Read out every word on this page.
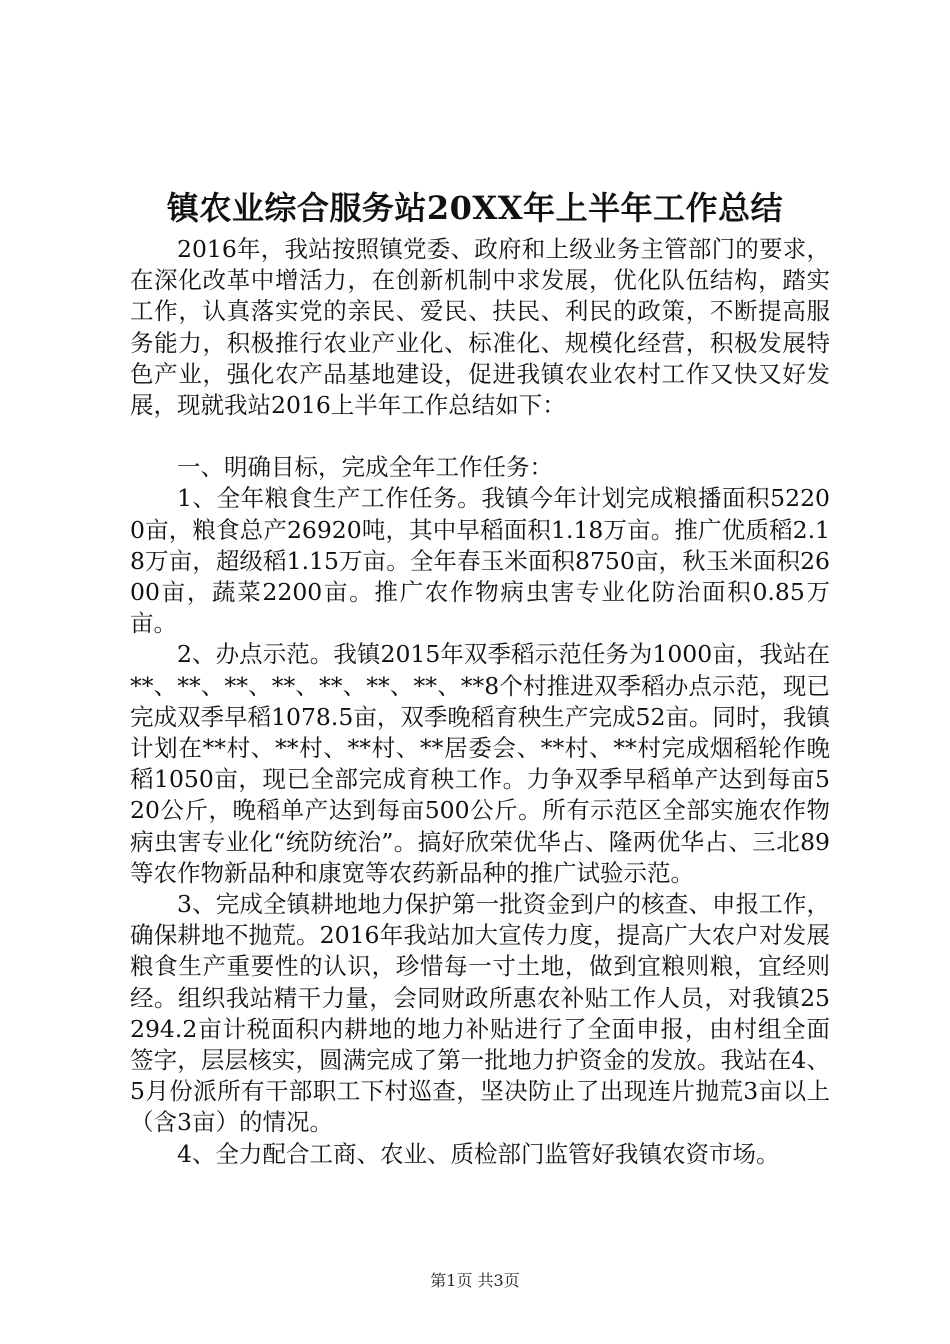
镇农业综合服务站20XX年上半年工作总结

2016年，我站按照镇党委、政府和上级业务主管部门的要求，在深化改革中增活力，在创新机制中求发展，优化队伍结构，踏实工作，认真落实党的亲民、爱民、扶民、利民的政策，不断提高服务能力，积极推行农业产业化、标准化、规模化经营，积极发展特色产业，强化农产品基地建设，促进我镇农业农村工作又快又好发展，现就我站2016上半年工作总结如下：

一、明确目标，完成全年工作任务：

1、全年粮食生产工作任务。我镇今年计划完成粮播面积52200亩，粮食总产26920吨，其中早稻面积1.18万亩。推广优质稻2.18万亩，超级稻1.15万亩。全年春玉米面积8750亩，秋玉米面积2600亩，蔬菜2200亩。推广农作物病虫害专业化防治面积0.85万亩。

2、办点示范。我镇2015年双季稻示范任务为1000亩，我站在**、**、**、**、**、**、**、**8个村推进双季稻办点示范，现已完成双季早稻1078.5亩，双季晚稻育秧生产完成52亩。同时，我镇计划在**村、**村、**村、**居委会、**村、**村完成烟稻轮作晚稻1050亩，现已全部完成育秧工作。力争双季早稻单产达到每亩520公斤，晚稻单产达到每亩500公斤。所有示范区全部实施农作物病虫害专业化“统防统治”。搞好欣荣优华占、隆两优华占、三北89等农作物新品种和康宽等农药新品种的推广试验示范。

3、完成全镇耕地地力保护第一批资金到户的核查、申报工作，确保耕地不抛荒。2016年我站加大宣传力度，提高广大农户对发展粮食生产重要性的认识，珍惜每一寸土地，做到宜粮则粮，宜经则经。组织我站精干力量，会同财政所惠农补贴工作人员，对我镇25294.2亩计税面积内耕地的地力补贴进行了全面申报，由村组全面签字，层层核实，圆满完成了第一批地力护资金的发放。我站在4、5月份派所有干部职工下村巡查，坚决防止了出现连片抛荒3亩以上（含3亩）的情况。

4、全力配合工商、农业、质检部门监管好我镇农资市场。

第1页 共3页
